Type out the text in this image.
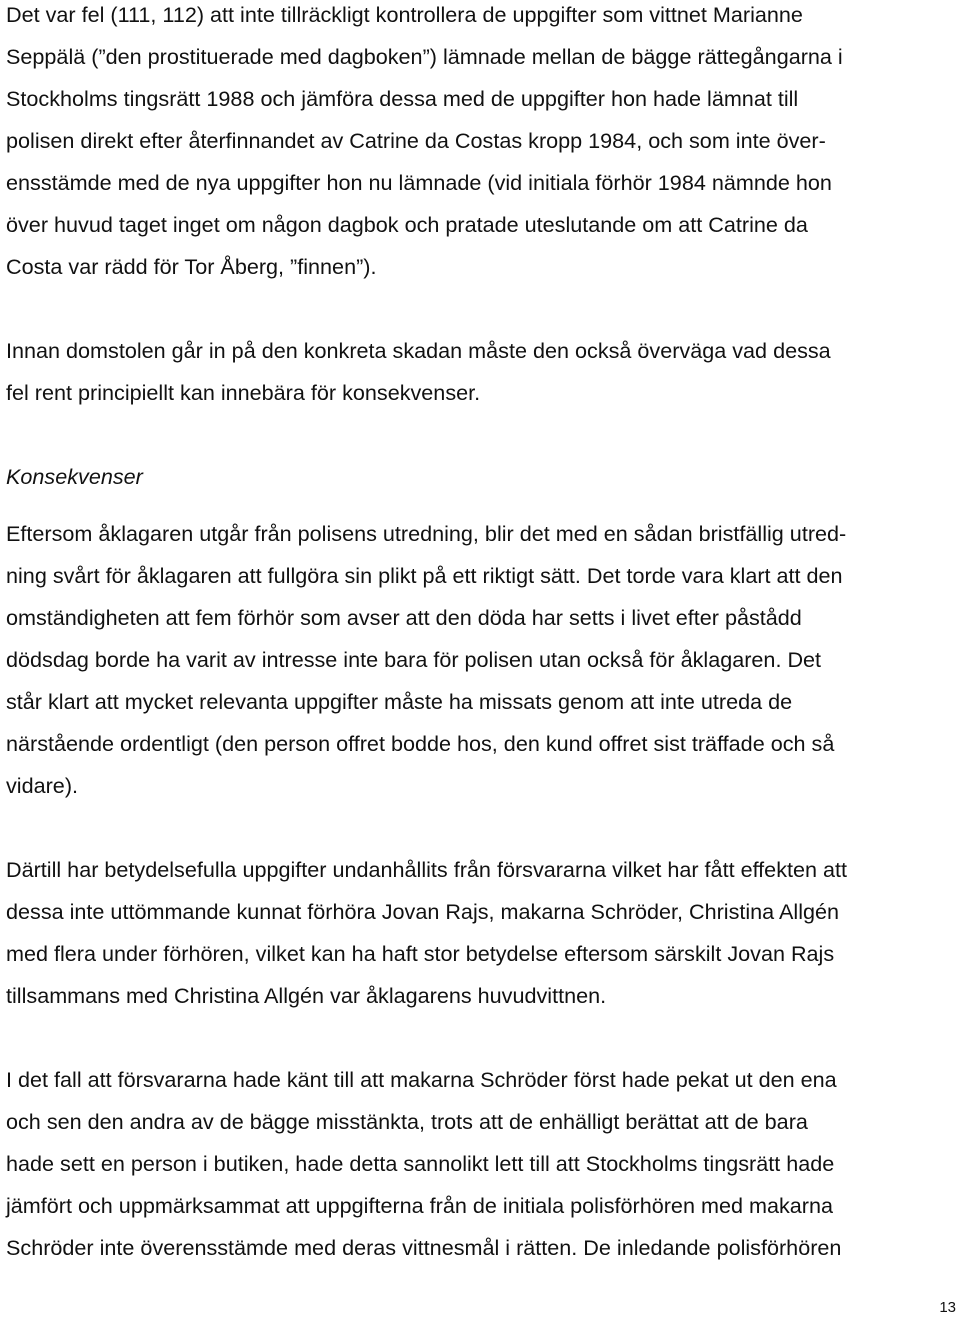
Det var fel (111, 112) att inte tillräckligt kontrollera de uppgifter som vittnet Marianne
Seppälä (”den prostituerade med dagboken”) lämnade mellan de bägge rättegångarna i
Stockholms tingsrätt 1988 och jämföra dessa med de uppgifter hon hade lämnat till
polisen direkt efter återfinnandet av Catrine da Costas kropp 1984, och som inte över-
ensstämde med de nya uppgifter hon nu lämnade (vid initiala förhör 1984 nämnde hon
över huvud taget inget om någon dagbok och pratade uteslutande om att Catrine da
Costa var rädd för Tor Åberg, ”finnen”).
Innan domstolen går in på den konkreta skadan måste den också överväga vad dessa
fel rent principiellt kan innebära för konsekvenser.
Konsekvenser
Eftersom åklagaren utgår från polisens utredning, blir det med en sådan bristfällig utred-
ning svårt för åklagaren att fullgöra sin plikt på ett riktigt sätt. Det torde vara klart att den
omständigheten att fem förhör som avser att den döda har setts i livet efter påstådd
dödsdag borde ha varit av intresse inte bara för polisen utan också för åklagaren. Det
står klart att mycket relevanta uppgifter måste ha missats genom att inte utreda de
närstående ordentligt (den person offret bodde hos, den kund offret sist träffade och så
vidare).
Därtill har betydelsefulla uppgifter undanhållits från försvararna vilket har fått effekten att
dessa inte uttömmande kunnat förhöra Jovan Rajs, makarna Schröder, Christina Allgén
med flera under förhören, vilket kan ha haft stor betydelse eftersom särskilt Jovan Rajs
tillsammans med Christina Allgén var åklagarens huvudvittnen.
I det fall att försvararna hade känt till att makarna Schröder först hade pekat ut den ena
och sen den andra av de bägge misstänkta, trots att de enhälligt berättat att de bara
hade sett en person i butiken, hade detta sannolikt lett till att Stockholms tingsrätt hade
jämfört och uppmärksammat att uppgifterna från de initiala polisförhören med makarna
Schröder inte överensstämde med deras vittnesmål i rätten. De inledande polisförhören
13
